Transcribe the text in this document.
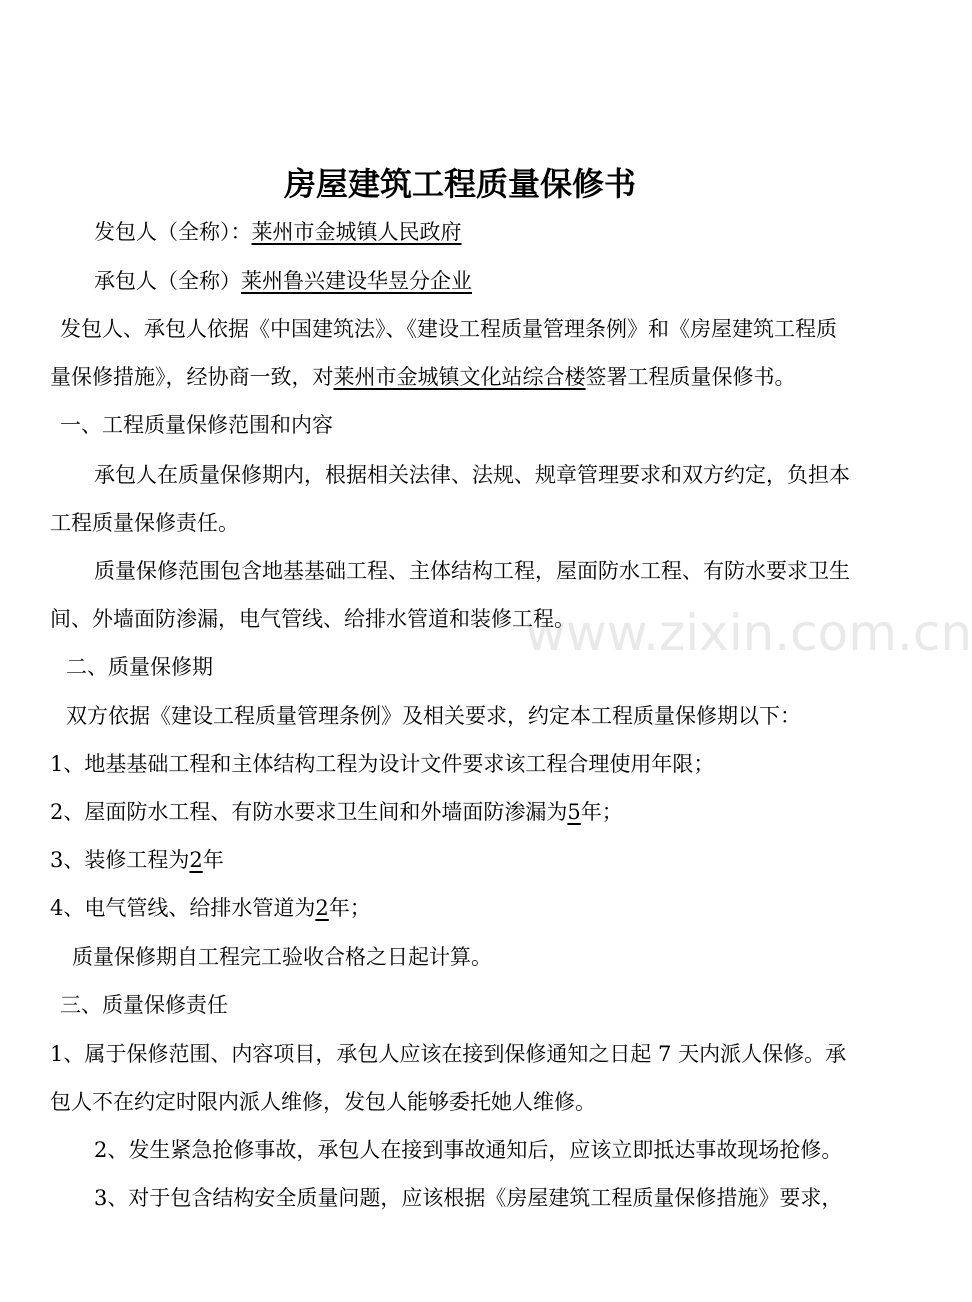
房屋建筑工程质量保修书

发包人（全称）：莱州市金城镇人民政府

承包人（全称）莱州鲁兴建设华昱分企业

发包人、承包人依据《中国建筑法》、《建设工程质量管理条例》和《房屋建筑工程质

量保修措施》，经协商一致，对莱州市金城镇文化站综合楼签署工程质量保修书。

一、工程质量保修范围和内容

承包人在质量保修期内，根据相关法律、法规、规章管理要求和双方约定，负担本

工程质量保修责任。

质量保修范围包含地基基础工程、主体结构工程，屋面防水工程、有防水要求卫生

间、外墙面防渗漏，电气管线、给排水管道和装修工程。

二、质量保修期

双方依据《建设工程质量管理条例》及相关要求，约定本工程质量保修期以下：

1、地基基础工程和主体结构工程为设计文件要求该工程合理使用年限；

2、屋面防水工程、有防水要求卫生间和外墙面防渗漏为5年；

3、装修工程为2年

4、电气管线、给排水管道为2年；

质量保修期自工程完工验收合格之日起计算。

三、质量保修责任

1、属于保修范围、内容项目，承包人应该在接到保修通知之日起 7 天内派人保修。承

包人不在约定时限内派人维修，发包人能够委托她人维修。

2、发生紧急抢修事故，承包人在接到事故通知后，应该立即抵达事故现场抢修。

3、对于包含结构安全质量问题，应该根据《房屋建筑工程质量保修措施》要求，

www.zixin.com.cn
